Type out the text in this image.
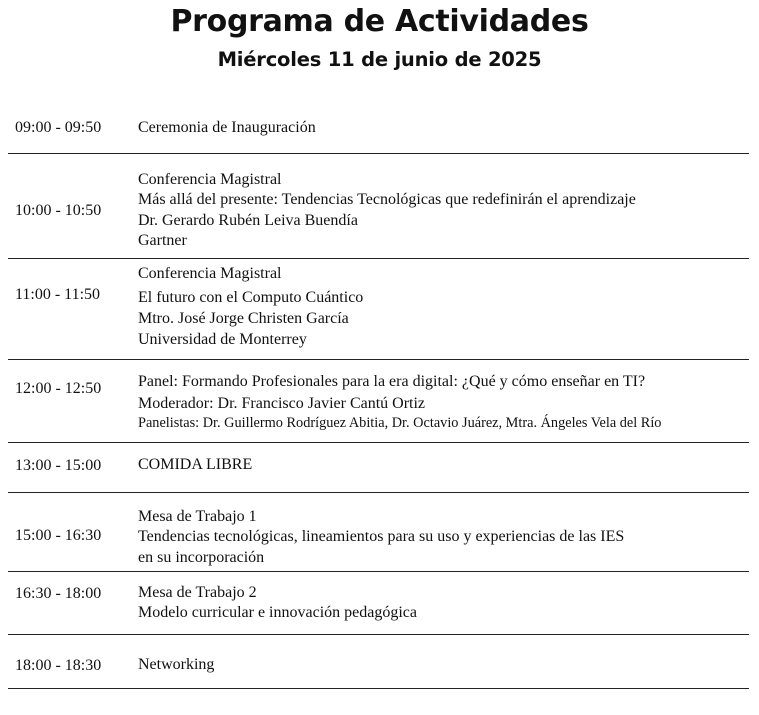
Programa de Actividades
Miércoles 11 de junio de 2025
09:00 - 09:50 Ceremonia de Inauguración
10:00 - 10:50
Conferencia Magistral
Más allá del presente: Tendencias Tecnológicas que redefinirán el aprendizaje
Dr. Gerardo Rubén Leiva Buendía
Gartner
11:00 - 11:50
Conferencia Magistral
El futuro con el Computo Cuántico
Mtro. José Jorge Christen García
Universidad de Monterrey
12:00 - 12:50 Panel: Formando Profesionales para la era digital: ¿Qué y cómo enseñar en TI?
Moderador: Dr. Francisco Javier Cantú Ortiz
Panelistas: Dr. Guillermo Rodríguez Abitia, Dr. Octavio Juárez, Mtra. Ángeles Vela del Río
13:00 - 15:00 COMIDA LIBRE
15:00 - 16:30
Mesa de Trabajo 1
Tendencias tecnológicas, lineamientos para su uso y experiencias de las IES
en su incorporación
16:30 - 18:00 Mesa de Trabajo 2
Modelo curricular e innovación pedagógica
18:00 - 18:30 Networking
